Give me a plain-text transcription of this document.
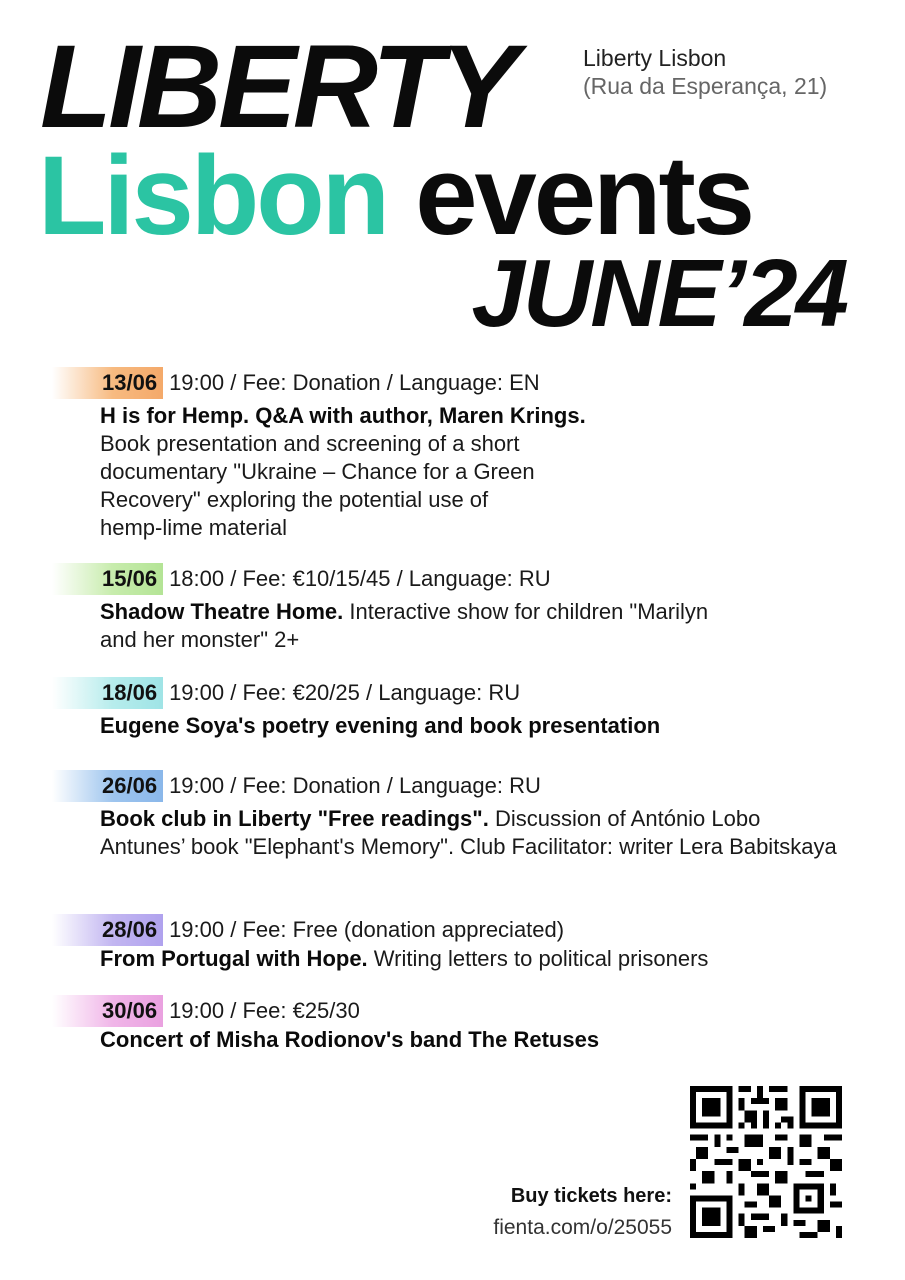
LIBERTY	Liberty Lisbon
(Rua da Esperança, 21)
Lisbon events
JUNE’24
13/06 19:00 / Fee: Donation / Language: EN
H is for Hemp. Q&A with author, Maren Krings.
Book presentation and screening of a short
documentary "Ukraine – Chance for a Green
Recovery" exploring the potential use of
hemp-lime material
15/06 18:00 / Fee: €10/15/45 / Language: RU
Shadow Theatre Home. Interactive show for children "Marilyn and her monster" 2+
18/06 19:00 / Fee: €20/25 / Language: RU
Eugene Soya's poetry evening and book presentation
26/06 19:00 / Fee: Donation / Language: RU
Book club in Liberty "Free readings". Discussion of António Lobo Antunes’ book "Elephant's Memory". Club Facilitator: writer Lera Babitskaya
28/06 19:00 / Fee: Free (donation appreciated)
From Portugal with Hope. Writing letters to political prisoners
30/06 19:00 / Fee: €25/30
Concert of Misha Rodionov's band The Retuses
Buy tickets here:
fienta.com/o/25055
